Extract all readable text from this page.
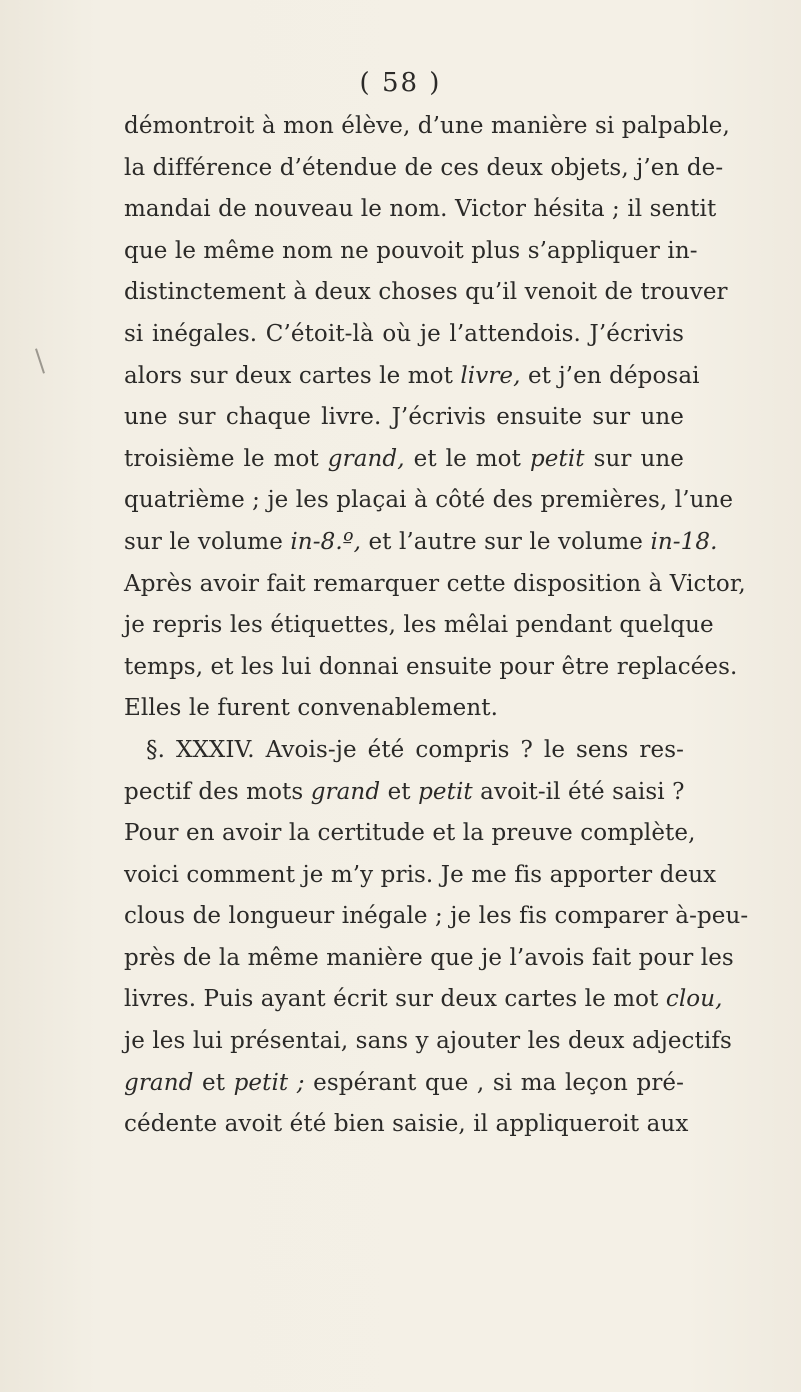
( 58 )
démontroit à mon élève, d’une manière si palpable,
la différence d’étendue de ces deux objets, j’en de-
mandai de nouveau le nom. Victor hésita ; il sentit
que le même nom ne pouvoit plus s’appliquer in-
distinctement à deux choses qu’il venoit de trouver
si inégales. C’étoit-là où je l’attendois. J’écrivis
alors sur deux cartes le mot livre, et j’en déposai
une sur chaque livre. J’écrivis ensuite sur une
troisième le mot grand, et le mot petit sur une
quatrième ; je les plaçai à côté des premières, l’une
sur le volume in-8.º, et l’autre sur le volume in-18.
Après avoir fait remarquer cette disposition à Victor,
je repris les étiquettes, les mêlai pendant quelque
temps, et les lui donnai ensuite pour être replacées.
Elles le furent convenablement.
§. XXXIV. Avois-je été compris ? le sens res-
pectif des mots grand et petit avoit-il été saisi ?
Pour en avoir la certitude et la preuve complète,
voici comment je m’y pris. Je me fis apporter deux
clous de longueur inégale ; je les fis comparer à-peu-
près de la même manière que je l’avois fait pour les
livres. Puis ayant écrit sur deux cartes le mot clou,
je les lui présentai, sans y ajouter les deux adjectifs
grand et petit ; espérant que , si ma leçon pré-
cédente avoit été bien saisie, il appliqueroit aux
